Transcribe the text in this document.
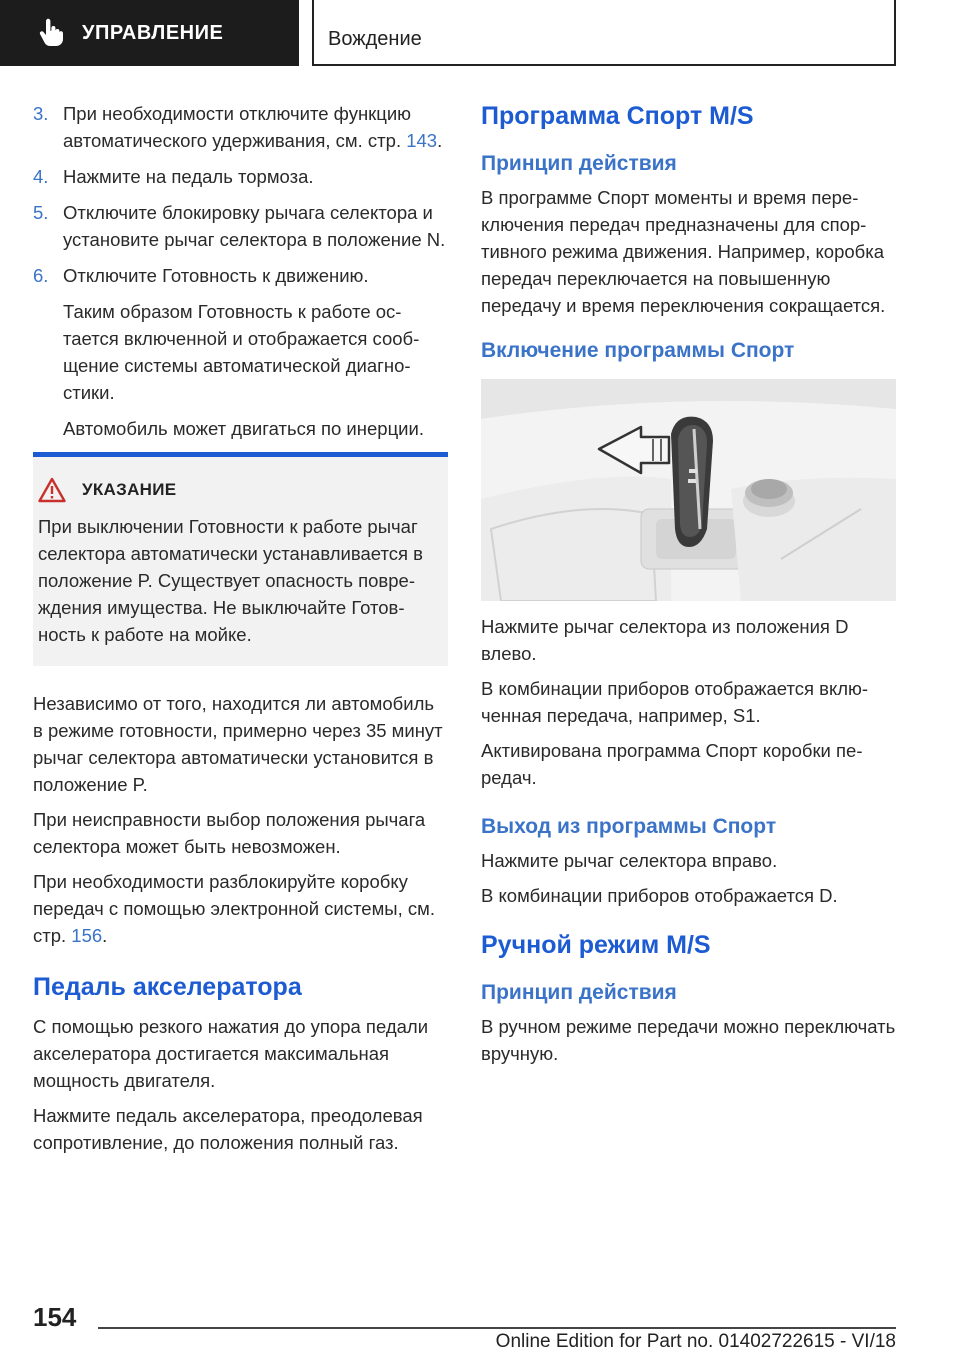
УПРАВЛЕНИЕ	Вождение
3. При необходимости отключите функцию автоматического удерживания, см. стр. 143.
4. Нажмите на педаль тормоза.
5. Отключите блокировку рычага селектора и установите рычаг селектора в положение N.
6. Отключите Готовность к движению.
Таким образом Готовность к работе остается включенной и отображается сообщение системы автоматической диагностики.
Автомобиль может двигаться по инерции.
УКАЗАНИЕ
При выключении Готовности к работе рычаг селектора автоматически устанавливается в положение P. Существует опасность повреждения имущества. Не выключайте Готовность к работе на мойке.

Независимо от того, находится ли автомобиль в режиме готовности, примерно через 35 минут рычаг селектора автоматически установится в положение P.

При неисправности выбор положения рычага селектора может быть невозможен.

При необходимости разблокируйте коробку передач с помощью электронной системы, см. стр. 156.

Педаль акселератора

С помощью резкого нажатия до упора педали акселератора достигается максимальная мощность двигателя.

Нажмите педаль акселератора, преодолевая сопротивление, до положения полный газ.

Программа Спорт M/S
Принцип действия

В программе Спорт моменты и время переключения передач предназначены для спортивного режима движения. Например, коробка передач переключается на повышенную передачу и время переключения сокращается.

Включение программы Спорт

Нажмите рычаг селектора из положения D влево.

В комбинации приборов отображается включенная передача, например, S1.

Активирована программа Спорт коробки передач.

Выход из программы Спорт

Нажмите рычаг селектора вправо.

В комбинации приборов отображается D.

Ручной режим M/S
Принцип действия

В ручном режиме передачи можно переключать вручную.

154
Online Edition for Part no. 01402722615 - VI/18
